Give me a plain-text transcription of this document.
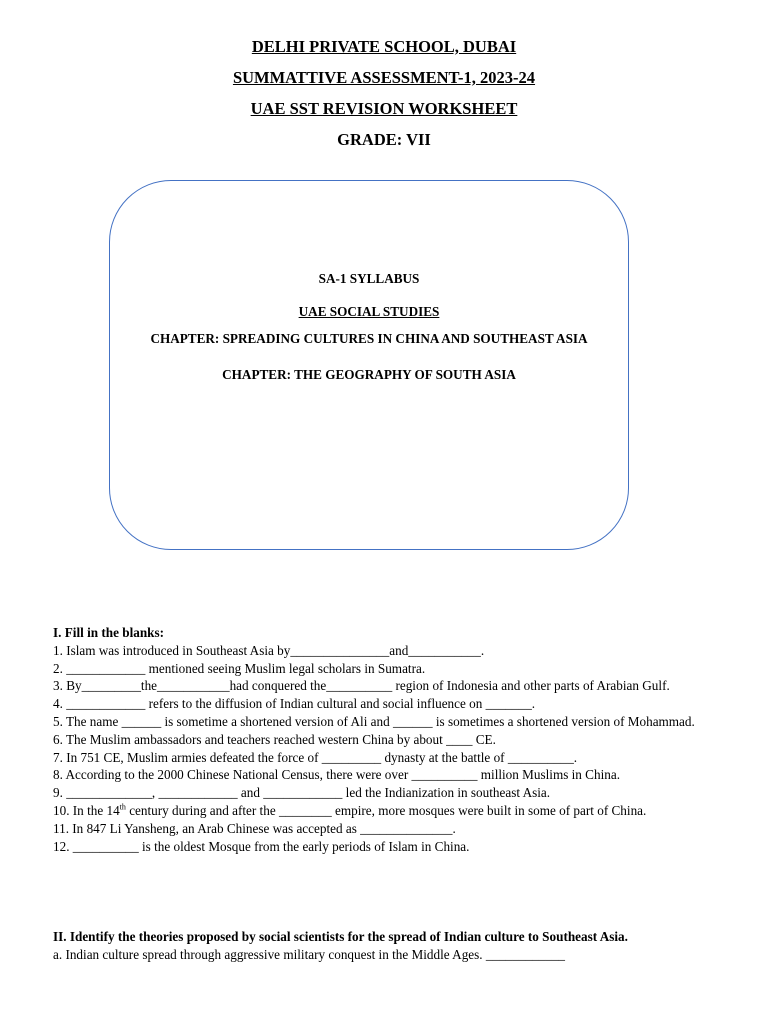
DELHI PRIVATE SCHOOL, DUBAI
SUMMATTIVE ASSESSMENT-1, 2023-24
UAE SST REVISION WORKSHEET
GRADE: VII
SA-1 SYLLABUS
UAE SOCIAL STUDIES
CHAPTER: SPREADING CULTURES IN CHINA AND SOUTHEAST ASIA
CHAPTER: THE GEOGRAPHY OF SOUTH ASIA

I. Fill in the blanks:

1. Islam was introduced in Southeast Asia by_______________and___________.

2. ____________ mentioned seeing Muslim legal scholars in Sumatra.

3. By_________the___________had conquered the__________ region of Indonesia and other parts of Arabian Gulf.

4. ____________ refers to the diffusion of Indian cultural and social influence on _______.

5. The name ______ is sometime a shortened version of Ali and ______ is sometimes a shortened version of Mohammad.

6. The Muslim ambassadors and teachers reached western China by about ____ CE.

7. In 751 CE, Muslim armies defeated the force of _________ dynasty at the battle of __________.

8. According to the 2000 Chinese National Census, there were over __________ million Muslims in China.

9. _____________, ____________ and ____________ led the Indianization in southeast Asia.

10. In the 14th century during and after the ________ empire, more mosques were built in some of part of China.

11. In 847 Li Yansheng, an Arab Chinese was accepted as ______________.

12. __________ is the oldest Mosque from the early periods of Islam in China.

II. Identify the theories proposed by social scientists for the spread of Indian culture to Southeast Asia.

a. Indian culture spread through aggressive military conquest in the Middle Ages. ____________
